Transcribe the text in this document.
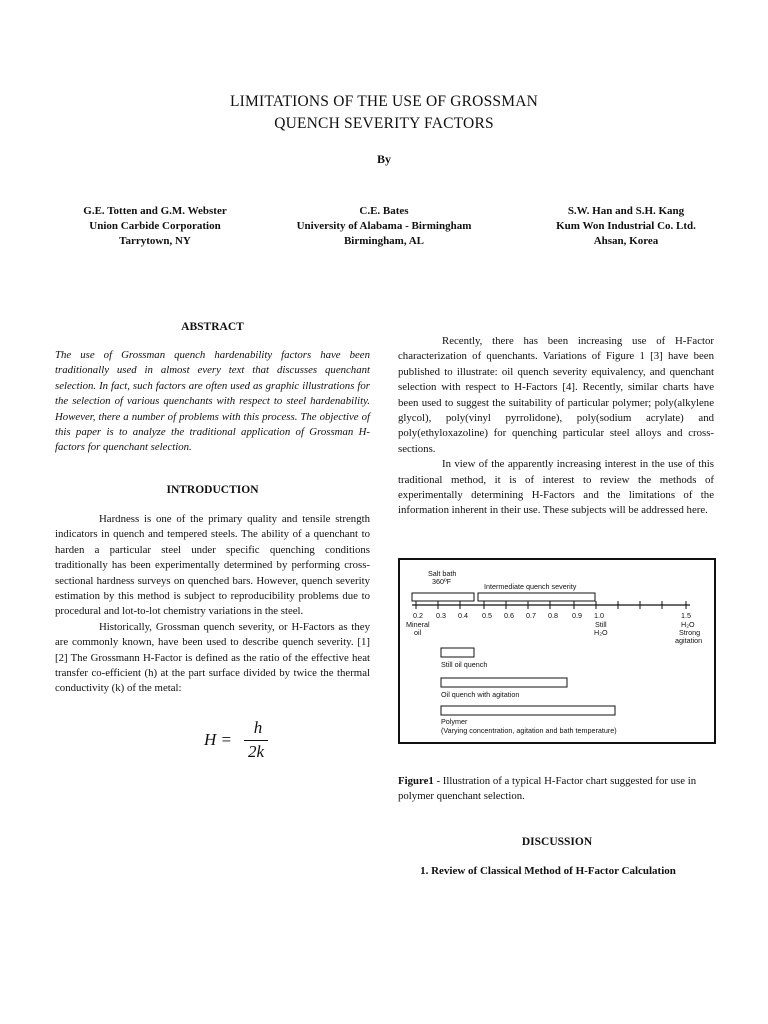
LIMITATIONS OF THE USE OF GROSSMAN
QUENCH SEVERITY FACTORS
By
G.E. Totten and G.M. Webster
Union Carbide Corporation
Tarrytown, NY
C.E. Bates
University of Alabama - Birmingham
Birmingham, AL
S.W. Han and S.H. Kang
Kum Won Industrial Co. Ltd.
Ahsan, Korea
ABSTRACT

The use of Grossman quench hardenability factors have been traditionally used in almost every text that discusses quenchant selection. In fact, such factors are often used as graphic illustrations for the selection of various quenchants with respect to steel hardenability. However, there a number of problems with this process. The objective of this paper is to analyze the traditional application of Grossman H-factors for quenchant selection.

INTRODUCTION

Hardness is one of the primary quality and tensile strength indicators in quench and tempered steels. The ability of a quenchant to harden a particular steel under specific quenching conditions traditionally has been experimentally determined by performing cross-sectional hardness surveys on quenched bars. However, quench severity estimation by this method is subject to reproducibility problems due to procedural and lot-to-lot chemistry variations in the steel.

Historically, Grossman quench severity, or H-Factors as they are commonly known, have been used to describe quench severity. [1] [2] The Grossmann H-Factor is defined as the ratio of the effective heat transfer co-efficient (h) at the part surface divided by twice the thermal conductivity (k) of the metal:

H =
h
2k

Recently, there has been increasing use of H-Factor characterization of quenchants. Variations of Figure 1 [3] have been published to illustrate: oil quench severity equivalency, and quenchant selection with respect to H-Factors [4]. Recently, similar charts have been used to suggest the suitability of particular polymer; poly(alkylene glycol), poly(vinyl pyrrolidone), poly(sodium acrylate) and poly(ethyloxazoline) for quenching particular steel alloys and cross-sections.

In view of the apparently increasing interest in the use of this traditional method, it is of interest to review the methods of experimentally determining H-Factors and the limitations of the information inherent in their use. These subjects will be addressed here.

Salt bath
360ºF
Intermediate quench severity
0.2 0.3 0.4 0.5 0.6 0.7 0.8 0.9 1.0	1.5
Mineral
oil
Still
H₂O
H₂O
Strong
agitation
Still oil quench
Oil quench with agitation
Polymer
(Varying concentration, agitation and bath temperature)

Figure1 - Illustration of a typical H-Factor chart suggested for use in polymer quenchant selection.

DISCUSSION
1. Review of Classical Method of H-Factor Calculation
